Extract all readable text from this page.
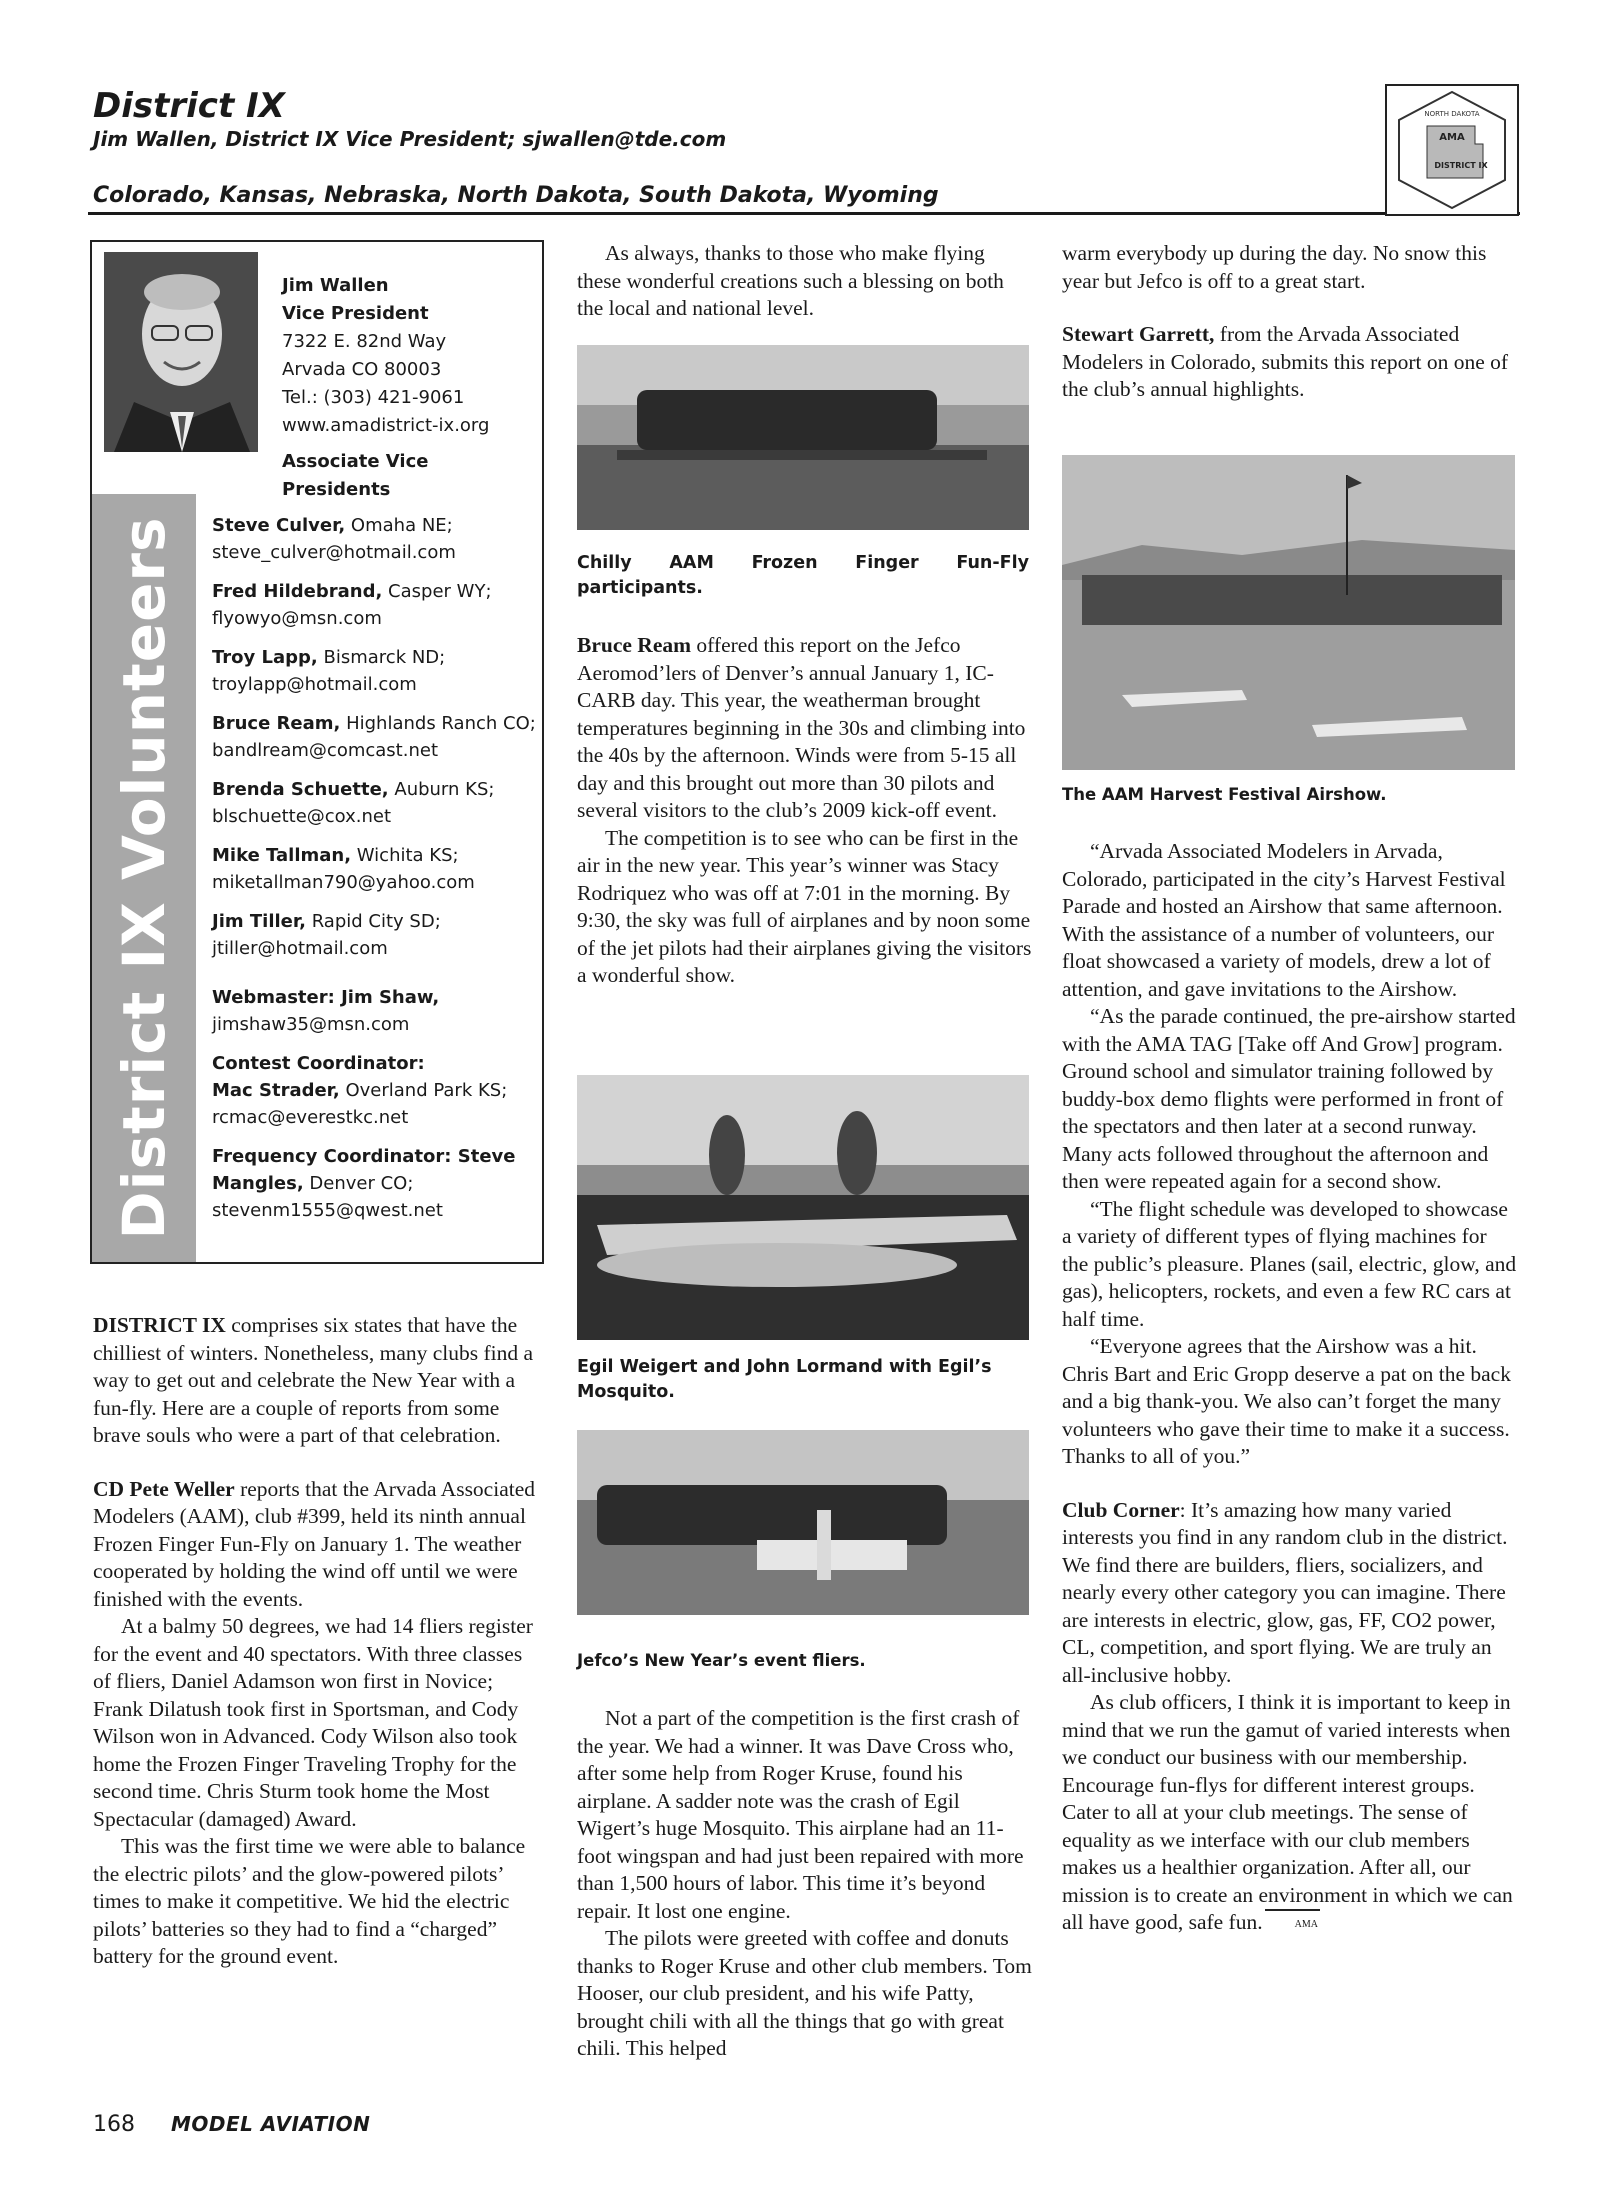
District IX
Jim Wallen, District IX Vice President; sjwallen@tde.com
Colorado, Kansas, Nebraska, North Dakota, South Dakota, Wyoming
NORTH DAKOTA
AMA
DISTRICT IX
District IX Volunteers
Jim Wallen
Vice President
7322 E. 82nd Way
Arvada CO 80003
Tel.: (303) 421-9061
www.amadistrict-ix.org
Associate Vice Presidents
Steve Culver, Omaha NE;
steve_culver@hotmail.com
Fred Hildebrand, Casper WY;
flyowyo@msn.com
Troy Lapp, Bismarck ND;
troylapp@hotmail.com
Bruce Ream, Highlands Ranch CO;
bandlream@comcast.net
Brenda Schuette, Auburn KS;
blschuette@cox.net
Mike Tallman, Wichita KS;
miketallman790@yahoo.com
Jim Tiller, Rapid City SD;
jtiller@hotmail.com
Webmaster: Jim Shaw,
jimshaw35@msn.com
Contest Coordinator:
Mac Strader, Overland Park KS;
rcmac@everestkc.net
Frequency Coordinator: Steve
Mangles, Denver CO;
stevenm1555@qwest.net

DISTRICT IX comprises six states that have the chilliest of winters. Nonetheless, many clubs find a way to get out and celebrate the New Year with a fun-fly. Here are a couple of reports from some brave souls who were a part of that celebration.

CD Pete Weller reports that the Arvada Associated Modelers (AAM), club #399, held its ninth annual Frozen Finger Fun-Fly on January 1. The weather cooperated by holding the wind off until we were finished with the events.

At a balmy 50 degrees, we had 14 fliers register for the event and 40 spectators. With three classes of fliers, Daniel Adamson won first in Novice; Frank Dilatush took first in Sportsman, and Cody Wilson won in Advanced. Cody Wilson also took home the Frozen Finger Traveling Trophy for the second time. Chris Sturm took home the Most Spectacular (damaged) Award.

This was the first time we were able to balance the electric pilots’ and the glow-powered pilots’ times to make it competitive. We hid the electric pilots’ batteries so they had to find a “charged” battery for the ground event.

As always, thanks to those who make flying these wonderful creations such a blessing on both the local and national level.

Chilly AAM Frozen Finger Fun-Fly participants.

Bruce Ream offered this report on the Jefco Aeromod’lers of Denver’s annual January 1, IC-CARB day. This year, the weatherman brought temperatures beginning in the 30s and climbing into the 40s by the afternoon. Winds were from 5-15 all day and this brought out more than 30 pilots and several visitors to the club’s 2009 kick-off event.

The competition is to see who can be first in the air in the new year. This year’s winner was Stacy Rodriquez who was off at 7:01 in the morning. By 9:30, the sky was full of airplanes and by noon some of the jet pilots had their airplanes giving the visitors a wonderful show.

Egil Weigert and John Lormand with Egil’s Mosquito.
Jefco’s New Year’s event fliers.

Not a part of the competition is the first crash of the year. We had a winner. It was Dave Cross who, after some help from Roger Kruse, found his airplane. A sadder note was the crash of Egil Wigert’s huge Mosquito. This airplane had an 11-foot wingspan and had just been repaired with more than 1,500 hours of labor. This time it’s beyond repair. It lost one engine.

The pilots were greeted with coffee and donuts thanks to Roger Kruse and other club members. Tom Hooser, our club president, and his wife Patty, brought chili with all the things that go with great chili. This helped

warm everybody up during the day. No snow this year but Jefco is off to a great start.

Stewart Garrett, from the Arvada Associated Modelers in Colorado, submits this report on one of the club’s annual highlights.

The AAM Harvest Festival Airshow.

“Arvada Associated Modelers in Arvada, Colorado, participated in the city’s Harvest Festival Parade and hosted an Airshow that same afternoon. With the assistance of a number of volunteers, our float showcased a variety of models, drew a lot of attention, and gave invitations to the Airshow.

“As the parade continued, the pre-airshow started with the AMA TAG [Take off And Grow] program. Ground school and simulator training followed by buddy-box demo flights were performed in front of the spectators and then later at a second runway. Many acts followed throughout the afternoon and then were repeated again for a second show.

“The flight schedule was developed to showcase a variety of different types of flying machines for the public’s pleasure. Planes (sail, electric, glow, and gas), helicopters, rockets, and even a few RC cars at half time.

“Everyone agrees that the Airshow was a hit. Chris Bart and Eric Gropp deserve a pat on the back and a big thank-you. We also can’t forget the many volunteers who gave their time to make it a success. Thanks to all of you.”

Club Corner: It’s amazing how many varied interests you find in any random club in the district. We find there are builders, fliers, socializers, and nearly every other category you can imagine. There are interests in electric, glow, gas, FF, CO2 power, CL, competition, and sport flying. We are truly an all-inclusive hobby.

As club officers, I think it is important to keep in mind that we run the gamut of varied interests when we conduct our business with our membership. Encourage fun-flys for different interest groups. Cater to all at your club meetings. The sense of equality as we interface with our club members makes us a healthier organization. After all, our mission is to create an environment in which we can all have good, safe fun.	AMA

168 MODEL AVIATION
